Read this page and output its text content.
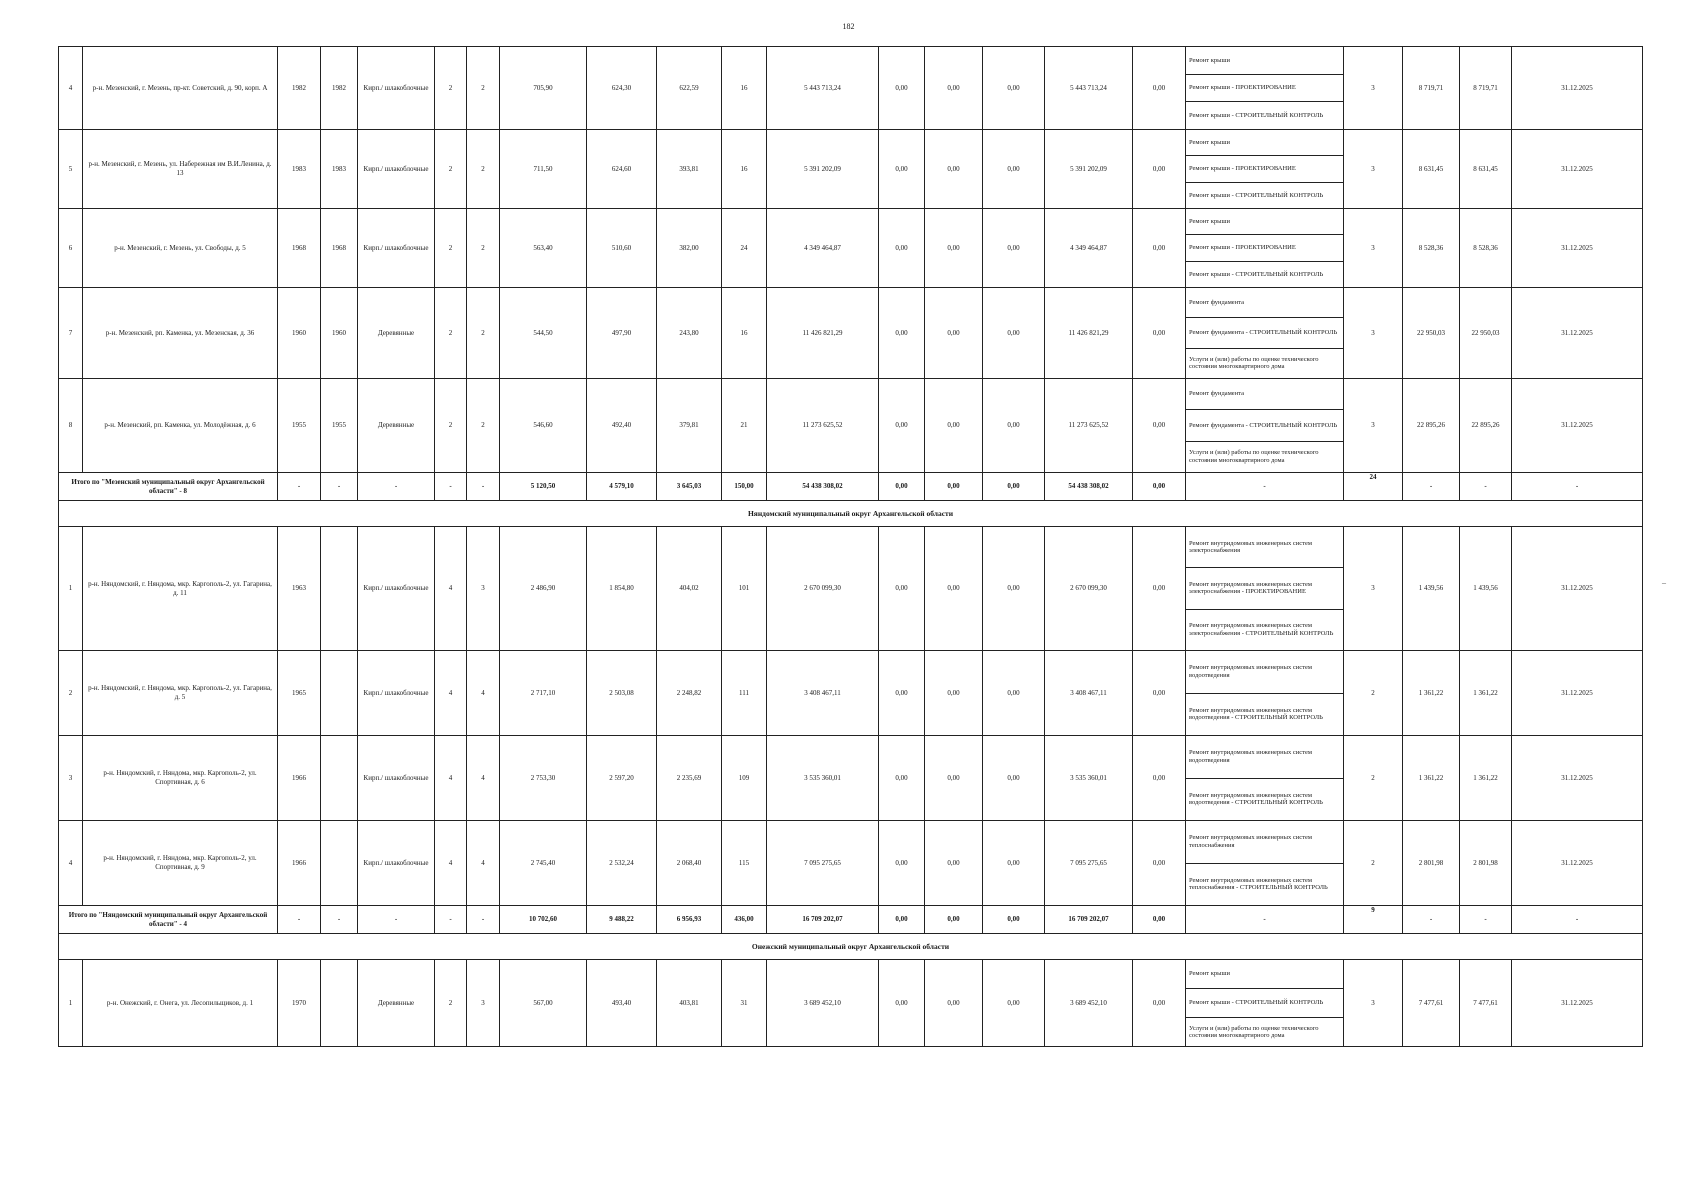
182
4	р-н. Мезенский, г. Мезень, пр-кт. Советский, д. 90, корп. А	1982	1982	Кирп./ шлакоблочные	2	2	705,90	624,30	622,59	16	5 443 713,24	0,00	0,00	0,00	5 443 713,24	0,00	Ремонт крыши
Ремонт крыши - ПРОЕКТИРОВАНИЕ
Ремонт крыши - СТРОИТЕЛЬНЫЙ КОНТРОЛЬ	3	8 719,71	8 719,71	31.12.2025
5	р-н. Мезенский, г. Мезень, ул. Набережная им В.И.Ленина, д. 13	1983	1983	Кирп./ шлакоблочные	2	2	711,50	624,60	393,81	16	5 391 202,09	0,00	0,00	0,00	5 391 202,09	0,00	Ремонт крыши
Ремонт крыши - ПРОЕКТИРОВАНИЕ
Ремонт крыши - СТРОИТЕЛЬНЫЙ КОНТРОЛЬ	3	8 631,45	8 631,45	31.12.2025
6	р-н. Мезенский, г. Мезень, ул. Свободы, д. 5	1968	1968	Кирп./ шлакоблочные	2	2	563,40	510,60	382,00	24	4 349 464,87	0,00	0,00	0,00	4 349 464,87	0,00	Ремонт крыши
Ремонт крыши - ПРОЕКТИРОВАНИЕ
Ремонт крыши - СТРОИТЕЛЬНЫЙ КОНТРОЛЬ	3	8 528,36	8 528,36	31.12.2025
7	р-н. Мезенский, рп. Каменка, ул. Мезенская, д. 36	1960	1960	Деревянные	2	2	544,50	497,90	243,80	16	11 426 821,29	0,00	0,00	0,00	11 426 821,29	0,00	Ремонт фундамента
Ремонт фундамента - СТРОИТЕЛЬНЫЙ КОНТРОЛЬ
Услуги и (или) работы по оценке технического состояния многоквартирного дома	3	22 950,03	22 950,03	31.12.2025
8	р-н. Мезенский, рп. Каменка, ул. Молодёжная, д. 6	1955	1955	Деревянные	2	2	546,60	492,40	379,81	21	11 273 625,52	0,00	0,00	0,00	11 273 625,52	0,00	Ремонт фундамента
Ремонт фундамента - СТРОИТЕЛЬНЫЙ КОНТРОЛЬ
Услуги и (или) работы по оценке технического состояния многоквартирного дома	3	22 895,26	22 895,26	31.12.2025
Итого по "Мезенский муниципальный округ Архангельской области" - 8		-	-	-	-	-	5 120,50	4 579,10	3 645,03	150,00	54 438 308,02	0,00	0,00	0,00	54 438 308,02	0,00	-	24	-	-	-
Няндомский муниципальный округ Архангельской области																					
1	р-н. Няндомский, г. Няндома, мкр. Каргополь-2, ул. Гагарина, д. 11	1963		Кирп./ шлакоблочные	4	3	2 486,90	1 854,80	404,02	101	2 670 099,30	0,00	0,00	0,00	2 670 099,30	0,00	Ремонт внутридомовых инженерных систем электроснабжения
Ремонт внутридомовых инженерных систем электроснабжения - ПРОЕКТИРОВАНИЕ
Ремонт внутридомовых инженерных систем электроснабжения - СТРОИТЕЛЬНЫЙ КОНТРОЛЬ	3	1 439,56	1 439,56	31.12.2025
2	р-н. Няндомский, г. Няндома, мкр. Каргополь-2, ул. Гагарина, д. 5	1965		Кирп./ шлакоблочные	4	4	2 717,10	2 503,08	2 248,82	111	3 408 467,11	0,00	0,00	0,00	3 408 467,11	0,00	Ремонт внутридомовых инженерных систем водоотведения
Ремонт внутридомовых инженерных систем водоотведения - СТРОИТЕЛЬНЫЙ КОНТРОЛЬ	2	1 361,22	1 361,22	31.12.2025
3	р-н. Няндомский, г. Няндома, мкр. Каргополь-2, ул. Спортивная, д. 6	1966		Кирп./ шлакоблочные	4	4	2 753,30	2 597,20	2 235,69	109	3 535 360,01	0,00	0,00	0,00	3 535 360,01	0,00	Ремонт внутридомовых инженерных систем водоотведения
Ремонт внутридомовых инженерных систем водоотведения - СТРОИТЕЛЬНЫЙ КОНТРОЛЬ	2	1 361,22	1 361,22	31.12.2025
4	р-н. Няндомский, г. Няндома, мкр. Каргополь-2, ул. Спортивная, д. 9	1966		Кирп./ шлакоблочные	4	4	2 745,40	2 532,24	2 068,40	115	7 095 275,65	0,00	0,00	0,00	7 095 275,65	0,00	Ремонт внутридомовых инженерных систем теплоснабжения
Ремонт внутридомовых инженерных систем теплоснабжения - СТРОИТЕЛЬНЫЙ КОНТРОЛЬ	2	2 801,98	2 801,98	31.12.2025
Итого по "Няндомский муниципальный округ Архангельской области" - 4		-	-	-	-	-	10 702,60	9 488,22	6 956,93	436,00	16 709 202,07	0,00	0,00	0,00	16 709 202,07	0,00	-	9	-	-	-
Онежский муниципальный округ Архангельской области																					
1	р-н. Онежский, г. Онега, ул. Лесопильщиков, д. 1	1970		Деревянные	2	3	567,00	493,40	403,81	31	3 689 452,10	0,00	0,00	0,00	3 689 452,10	0,00	Ремонт крыши
Ремонт крыши - СТРОИТЕЛЬНЫЙ КОНТРОЛЬ
Услуги и (или) работы по оценке технического состояния многоквартирного дома	3	7 477,61	7 477,61	31.12.2025
–
